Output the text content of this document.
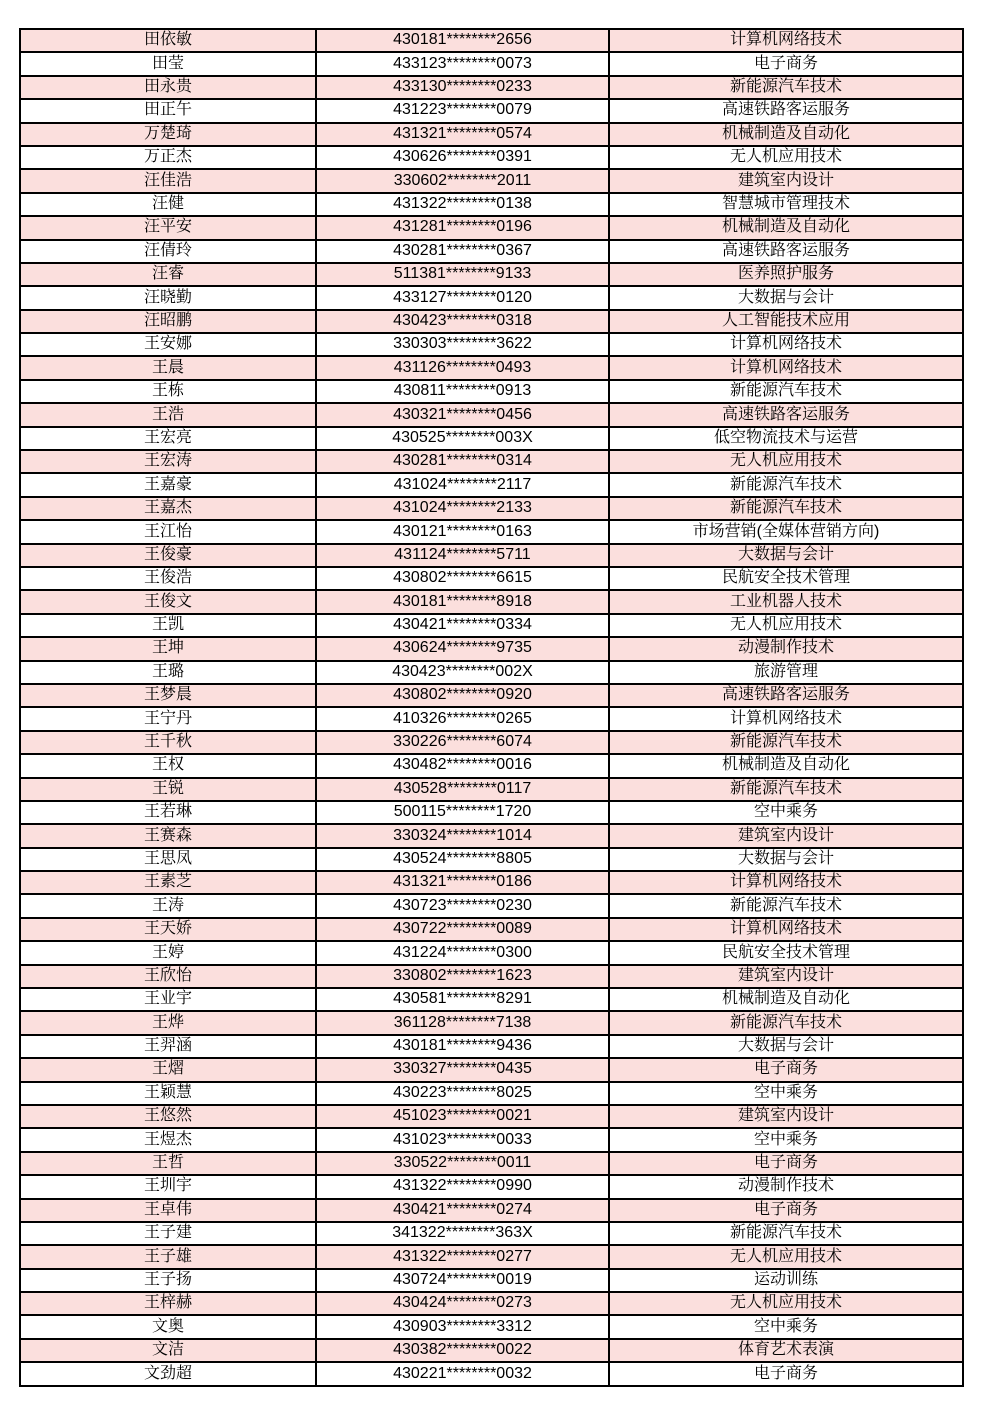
田依敏	430181********2656	计算机网络技术
田莹	433123********0073	电子商务
田永贵	433130********0233	新能源汽车技术
田正午	431223********0079	高速铁路客运服务
万楚琦	431321********0574	机械制造及自动化
万正杰	430626********0391	无人机应用技术
汪佳浩	330602********2011	建筑室内设计
汪健	431322********0138	智慧城市管理技术
汪平安	431281********0196	机械制造及自动化
汪倩玲	430281********0367	高速铁路客运服务
汪睿	511381********9133	医养照护服务
汪晓勤	433127********0120	大数据与会计
汪昭鹏	430423********0318	人工智能技术应用
王安娜	330303********3622	计算机网络技术
王晨	431126********0493	计算机网络技术
王栋	430811********0913	新能源汽车技术
王浩	430321********0456	高速铁路客运服务
王宏亮	430525********003X	低空物流技术与运营
王宏涛	430281********0314	无人机应用技术
王嘉豪	431024********2117	新能源汽车技术
王嘉杰	431024********2133	新能源汽车技术
王江怡	430121********0163	市场营销(全媒体营销方向)
王俊豪	431124********5711	大数据与会计
王俊浩	430802********6615	民航安全技术管理
王俊文	430181********8918	工业机器人技术
王凯	430421********0334	无人机应用技术
王坤	430624********9735	动漫制作技术
王璐	430423********002X	旅游管理
王梦晨	430802********0920	高速铁路客运服务
王宁丹	410326********0265	计算机网络技术
王千秋	330226********6074	新能源汽车技术
王权	430482********0016	机械制造及自动化
王锐	430528********0117	新能源汽车技术
王若琳	500115********1720	空中乘务
王赛森	330324********1014	建筑室内设计
王思凤	430524********8805	大数据与会计
王素芝	431321********0186	计算机网络技术
王涛	430723********0230	新能源汽车技术
王天娇	430722********0089	计算机网络技术
王婷	431224********0300	民航安全技术管理
王欣怡	330802********1623	建筑室内设计
王业宇	430581********8291	机械制造及自动化
王烨	361128********7138	新能源汽车技术
王羿涵	430181********9436	大数据与会计
王熠	330327********0435	电子商务
王颖慧	430223********8025	空中乘务
王悠然	451023********0021	建筑室内设计
王煜杰	431023********0033	空中乘务
王哲	330522********0011	电子商务
王圳宇	431322********0990	动漫制作技术
王卓伟	430421********0274	电子商务
王子建	341322********363X	新能源汽车技术
王子雄	431322********0277	无人机应用技术
王子扬	430724********0019	运动训练
王梓赫	430424********0273	无人机应用技术
文奥	430903********3312	空中乘务
文洁	430382********0022	体育艺术表演
文劲超	430221********0032	电子商务
